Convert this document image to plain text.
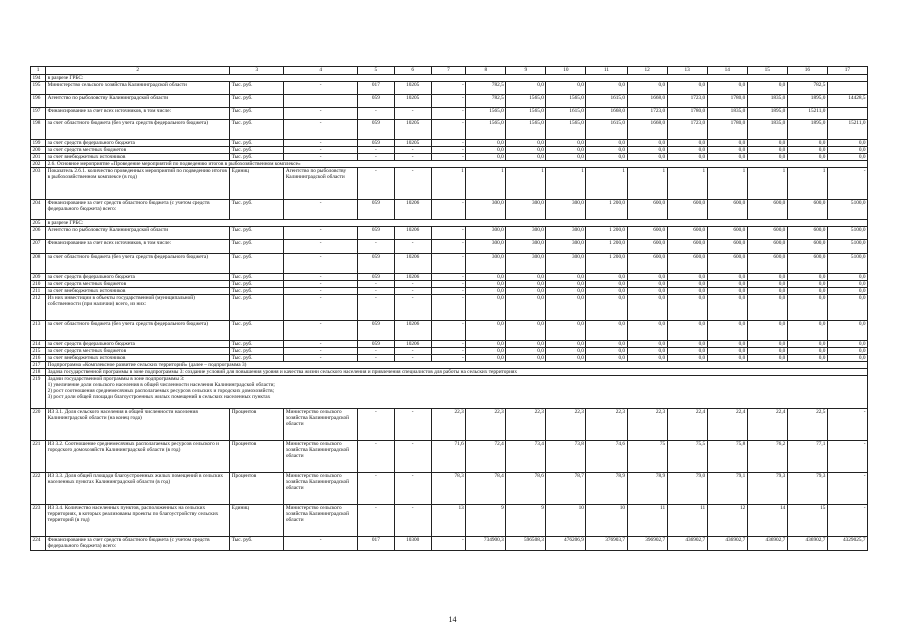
1	2	3	4	5	6	7	8	9	10	11	12	13	14	15	16	17
194	в разрезе ГРБС:															
195	Министерство сельского хозяйства Калининградской области	Тыс. руб.	-	017	10205	-	782,5	0,0	0,0	0,0	0,0	0,0	0,0	0,0	782,5	
196	Агентство по рыболовству Калининградской области	Тыс. руб.		059	10205	-	782,5	1565,0	1565,0	1615,0	1668,0	1723,0	1780,0	1835,0	1895,0	14428,5
197	Финансирование за счет всех источников, в том числе:	Тыс. руб.	-	-	-	-	1565,0	1565,0	1615,0	1668,0	1723,0	1780,0	1835,0	1895,0	15211,0	
198	за счет областного бюджета (без учета средств федерального бюджета)	Тыс. руб.	-	059	10205	-	1565,0	1565,0	1565,0	1615,0	1668,0	1723,0	1780,0	1835,0	1895,0	15211,0
199	за счет средств федерального бюджета	Тыс. руб.	-	059	10205	-	0,0	0,0	0,0	0,0	0,0	0,0	0,0	0,0	0,0	0,0
200	за счет средств местных бюджетов	Тыс. руб.	-	-	-	-	0,0	0,0	0,0	0,0	0,0	0,0	0,0	0,0	0,0	0,0
201	за счет внебюджетных источников	Тыс. руб.	-	-	-	-	0,0	0,0	0,0	0,0	0,0	0,0	0,0	0,0	0,0	0,0
202	2.6. Основное мероприятие «Проведение мероприятий по подведению итогов в рыбохозяйственном комплексе»															
203	Показатель 2.6.1. количество проведенных мероприятий по подведению итогов в рыбохозяйственном комплексе (в год)	Единиц	Агентство по рыболовству Калининградской области	-	-	1	1	1	1	1	1	1	1	1	1	-
204	Финансирование за счет средств областного бюджета (с учетом средств федерального бюджета) всего:	Тыс. руб.	-	059	10206	-	300,0	300,0	300,0	1 200,0	600,0	600,0	600,0	600,0	600,0	5100,0
205	в разрезе ГРБС:															
206	Агентство по рыболовству Калининградской области	Тыс. руб.	-	059	10206	-	300,0	300,0	300,0	1 200,0	600,0	600,0	600,0	600,0	600,0	5100,0
207	Финансирование за счет всех источников, в том числе:	Тыс. руб.	-	-	-	-	300,0	300,0	300,0	1 200,0	600,0	600,0	600,0	600,0	600,0	5100,0
208	за счет областного бюджета (без учета средств федерального бюджета)	Тыс. руб.	-	059	10206	-	300,0	300,0	300,0	1 200,0	600,0	600,0	600,0	600,0	600,0	5100,0
209	за счет средств федерального бюджета	Тыс. руб.	-	059	10206	-	0,0	0,0	0,0	0,0	0,0	0,0	0,0	0,0	0,0	0,0
210	за счет средств местных бюджетов	Тыс. руб.	-	-	-	-	0,0	0,0	0,0	0,0	0,0	0,0	0,0	0,0	0,0	0,0
211	за счет внебюджетных источников	Тыс. руб.	-	-	-	-	0,0	0,0	0,0	0,0	0,0	0,0	0,0	0,0	0,0	0,0
212	Из них инвестиции в объекты государственной (муниципальной) собственности (при наличии) всего, из них:	Тыс. руб.	-	-	-	-	0,0	0,0	0,0	0,0	0,0	0,0	0,0	0,0	0,0	0,0
213	за счет областного бюджета (без учета средств федерального бюджета)	Тыс. руб.	-	059	10206	-	0,0	0,0	0,0	0,0	0,0	0,0	0,0	0,0	0,0	0,0
214	за счет средств федерального бюджета	Тыс. руб.	-	059	10206	-	0,0	0,0	0,0	0,0	0,0	0,0	0,0	0,0	0,0	0,0
215	за счет средств местных бюджетов	Тыс. руб.	-	-	-	-	0,0	0,0	0,0	0,0	0,0	0,0	0,0	0,0	0,0	0,0
216	за счет внебюджетных источников	Тыс. руб.	-	-	-	-	0,0	0,0	0,0	0,0	0,0	0,0	0,0	0,0	0,0	0,0
217	Подпрограмма «Комплексное развитие сельских территорий» (далее – подпрограмма 3)															
218	Задача государственной программы в зоне подпрограммы 3: создание условий для повышения уровня и качества жизни сельского населения и привлечения специалистов для работы на сельских территориях															
219	Задачи государственной программы в зоне подпрограммы 3:
1) увеличение доли сельского населения в общей численности населения Калининградской области;
2) рост соотношения среднемесячных располагаемых ресурсов сельских и городских домохозяйств;
3) рост доли общей площади благоустроенных жилых помещений в сельских населенных пунктах															
220	ИЗ 3.1. Доля сельского населения в общей численности населения Калининградской области (на конец года)	Процентов	Министерство сельского хозяйства Калининградской области	-	-	22,3	22,3	22,3	22,3	22,3	22,3	22,4	22,4	22,4	22,5	-
221	ИЗ 3.2. Соотношение среднемесячных располагаемых ресурсов сельского и городского домохозяйств Калининградской области (в год)	Процентов	Министерство сельского хозяйства Калининградской области	-	-	71,6	72,4	73,4	73,8	74,6	75	75,5	75,8	76,2	77,1	-
222	ИЗ 3.3. Доля общей площади благоустроенных жилых помещений в сельских населенных пунктах Калининградской области (в год)	Процентов	Министерство сельского хозяйства Калининградской области	-	-	78,3	78,4	78,6	78,7	78,9	78,9	79,0	79,1	79,3	79,3	-
223	ИЗ 3.4. Количество населенных пунктов, расположенных на сельских территориях, в которых реализованы проекты по благоустройству сельских территорий (в год)	Единиц	Министерство сельского хозяйства Калининградской области	-	-	13	9	9	10	10	11	11	12	14	15	-
224	Финансирование за счет средств областного бюджета (с учетом средств федерального бюджета) всего:	Тыс. руб.	-	017	10300	-	734900,3	596508,3	476206,9	376903,7	396902,7	436902,7	436902,7	436902,7	436902,7	4329025,7
14
